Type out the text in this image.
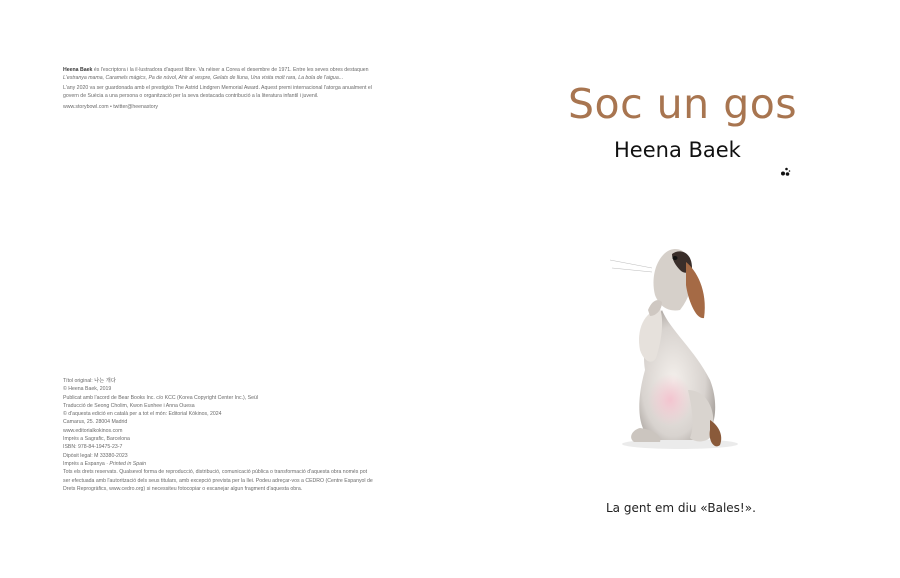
Heena Baek és l'escriptora i la il·lustradora d'aquest llibre. Va néixer a Corea el desembre de 1971. Entre les seves obres destaquen L'estranya mama, Caramels màgics, Pa de núvol, Ahir al vespre, Gelats de lluna, Una visita molt rara, La bola de l'aigua...

L'any 2020 va ser guardonada amb el prestigiós The Astrid Lindgren Memorial Award. Aquest premi internacional l'atorga anualment el govern de Suècia a una persona o organització per la seva destacada contribució a la literatura infantil i juvenil.

www.storybowl.com • twitter@heenastory

Títol original: 나는 개다
© Heena Baek, 2019
Publicat amb l'acord de Bear Books Inc. c/o KCC (Korea Copyright Center Inc.), Seül
Traducció de Seong Cholim, Kwon Eunhee i Anna Ouesa
© d'aquesta edició en català per a tot el món: Editorial Kókinos, 2024
Camarus, 25. 28004 Madrid
www.editorialkokinos.com
Imprès a Sagrafic, Barcelona
ISBN: 978-84-19475-23-7
Dipòsit legal: M 33380-2023
Imprès a Espanya · Printed in Spain
Tots els drets reservats. Qualsevol forma de reproducció, distribució, comunicació pública o transformació d'aquesta obra només pot ser efectuada amb l'autorització dels seus titulars, amb excepció prevista per la llei. Podeu adreçar-vos a CEDRO (Centre Espanyol de Drets Reprogràfics, www.cedro.org) si necessiteu fotocopiar o escanejar algun fragment d'aquesta obra.
Soc un gos
Heena Baek
La gent em diu «Bales!».
